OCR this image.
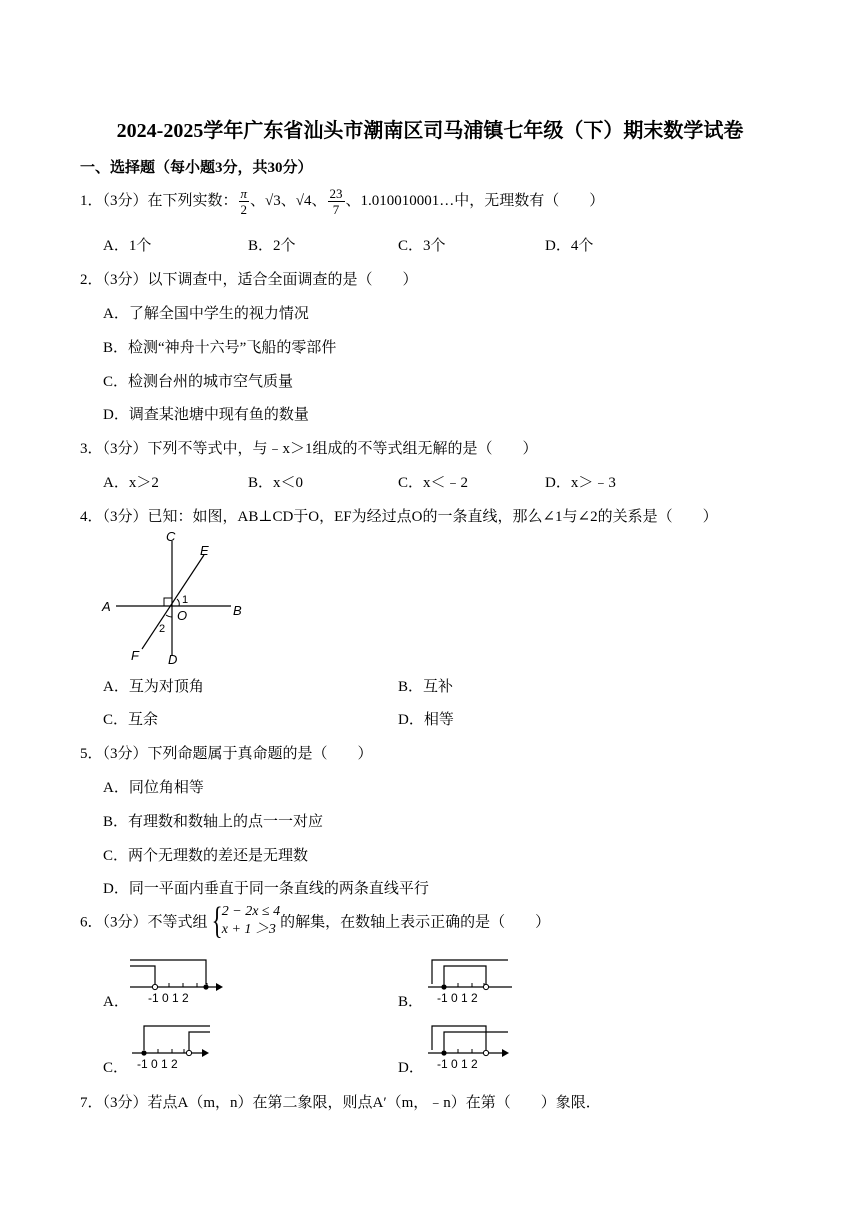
2024-2025学年广东省汕头市潮南区司马浦镇七年级（下）期末数学试卷
一、选择题（每小题3分，共30分）
1．（3分）在下列实数： $\frac{\pi}{2}$ 、√3、√4、 $\frac{23}{7}$ 、1.010010001…中，无理数有（　　）
A．1个	B．2个	C．3个	D．4个
2．（3分）以下调查中，适合全面调查的是（　　）
A．了解全国中学生的视力情况
B．检测“神舟十六号”飞船的零部件
C．检测台州的城市空气质量
D．调查某池塘中现有鱼的数量
3．（3分）下列不等式中，与﹣x＞1组成的不等式组无解的是（　　）
A．x＞2	B．x＜0	C．x＜﹣2	D．x＞﹣3
4．（3分）已知：如图，AB⊥CD于O，EF为经过点O的一条直线，那么∠1与∠2的关系是（　　）
C
E
A	B
O
1
2
F D
A．互为对顶角	B．互补
C．互余	D．相等
5．（3分）下列命题属于真命题的是（　　）
A．同位角相等
B．有理数和数轴上的点一一对应
C．两个无理数的差还是无理数
D．同一平面内垂直于同一条直线的两条直线平行
6．（3分）不等式组{ 2 − 2x ≤ 4
x + 1 ＞3 的解集，在数轴上表示正确的是（　　）
A． -1 0 1 2	B． -1 0 1 2
C． -1 0 1 2	D． -1 0 1 2
7．（3分）若点A（m，n）在第二象限，则点A′（m，﹣n）在第（　　）象限．
